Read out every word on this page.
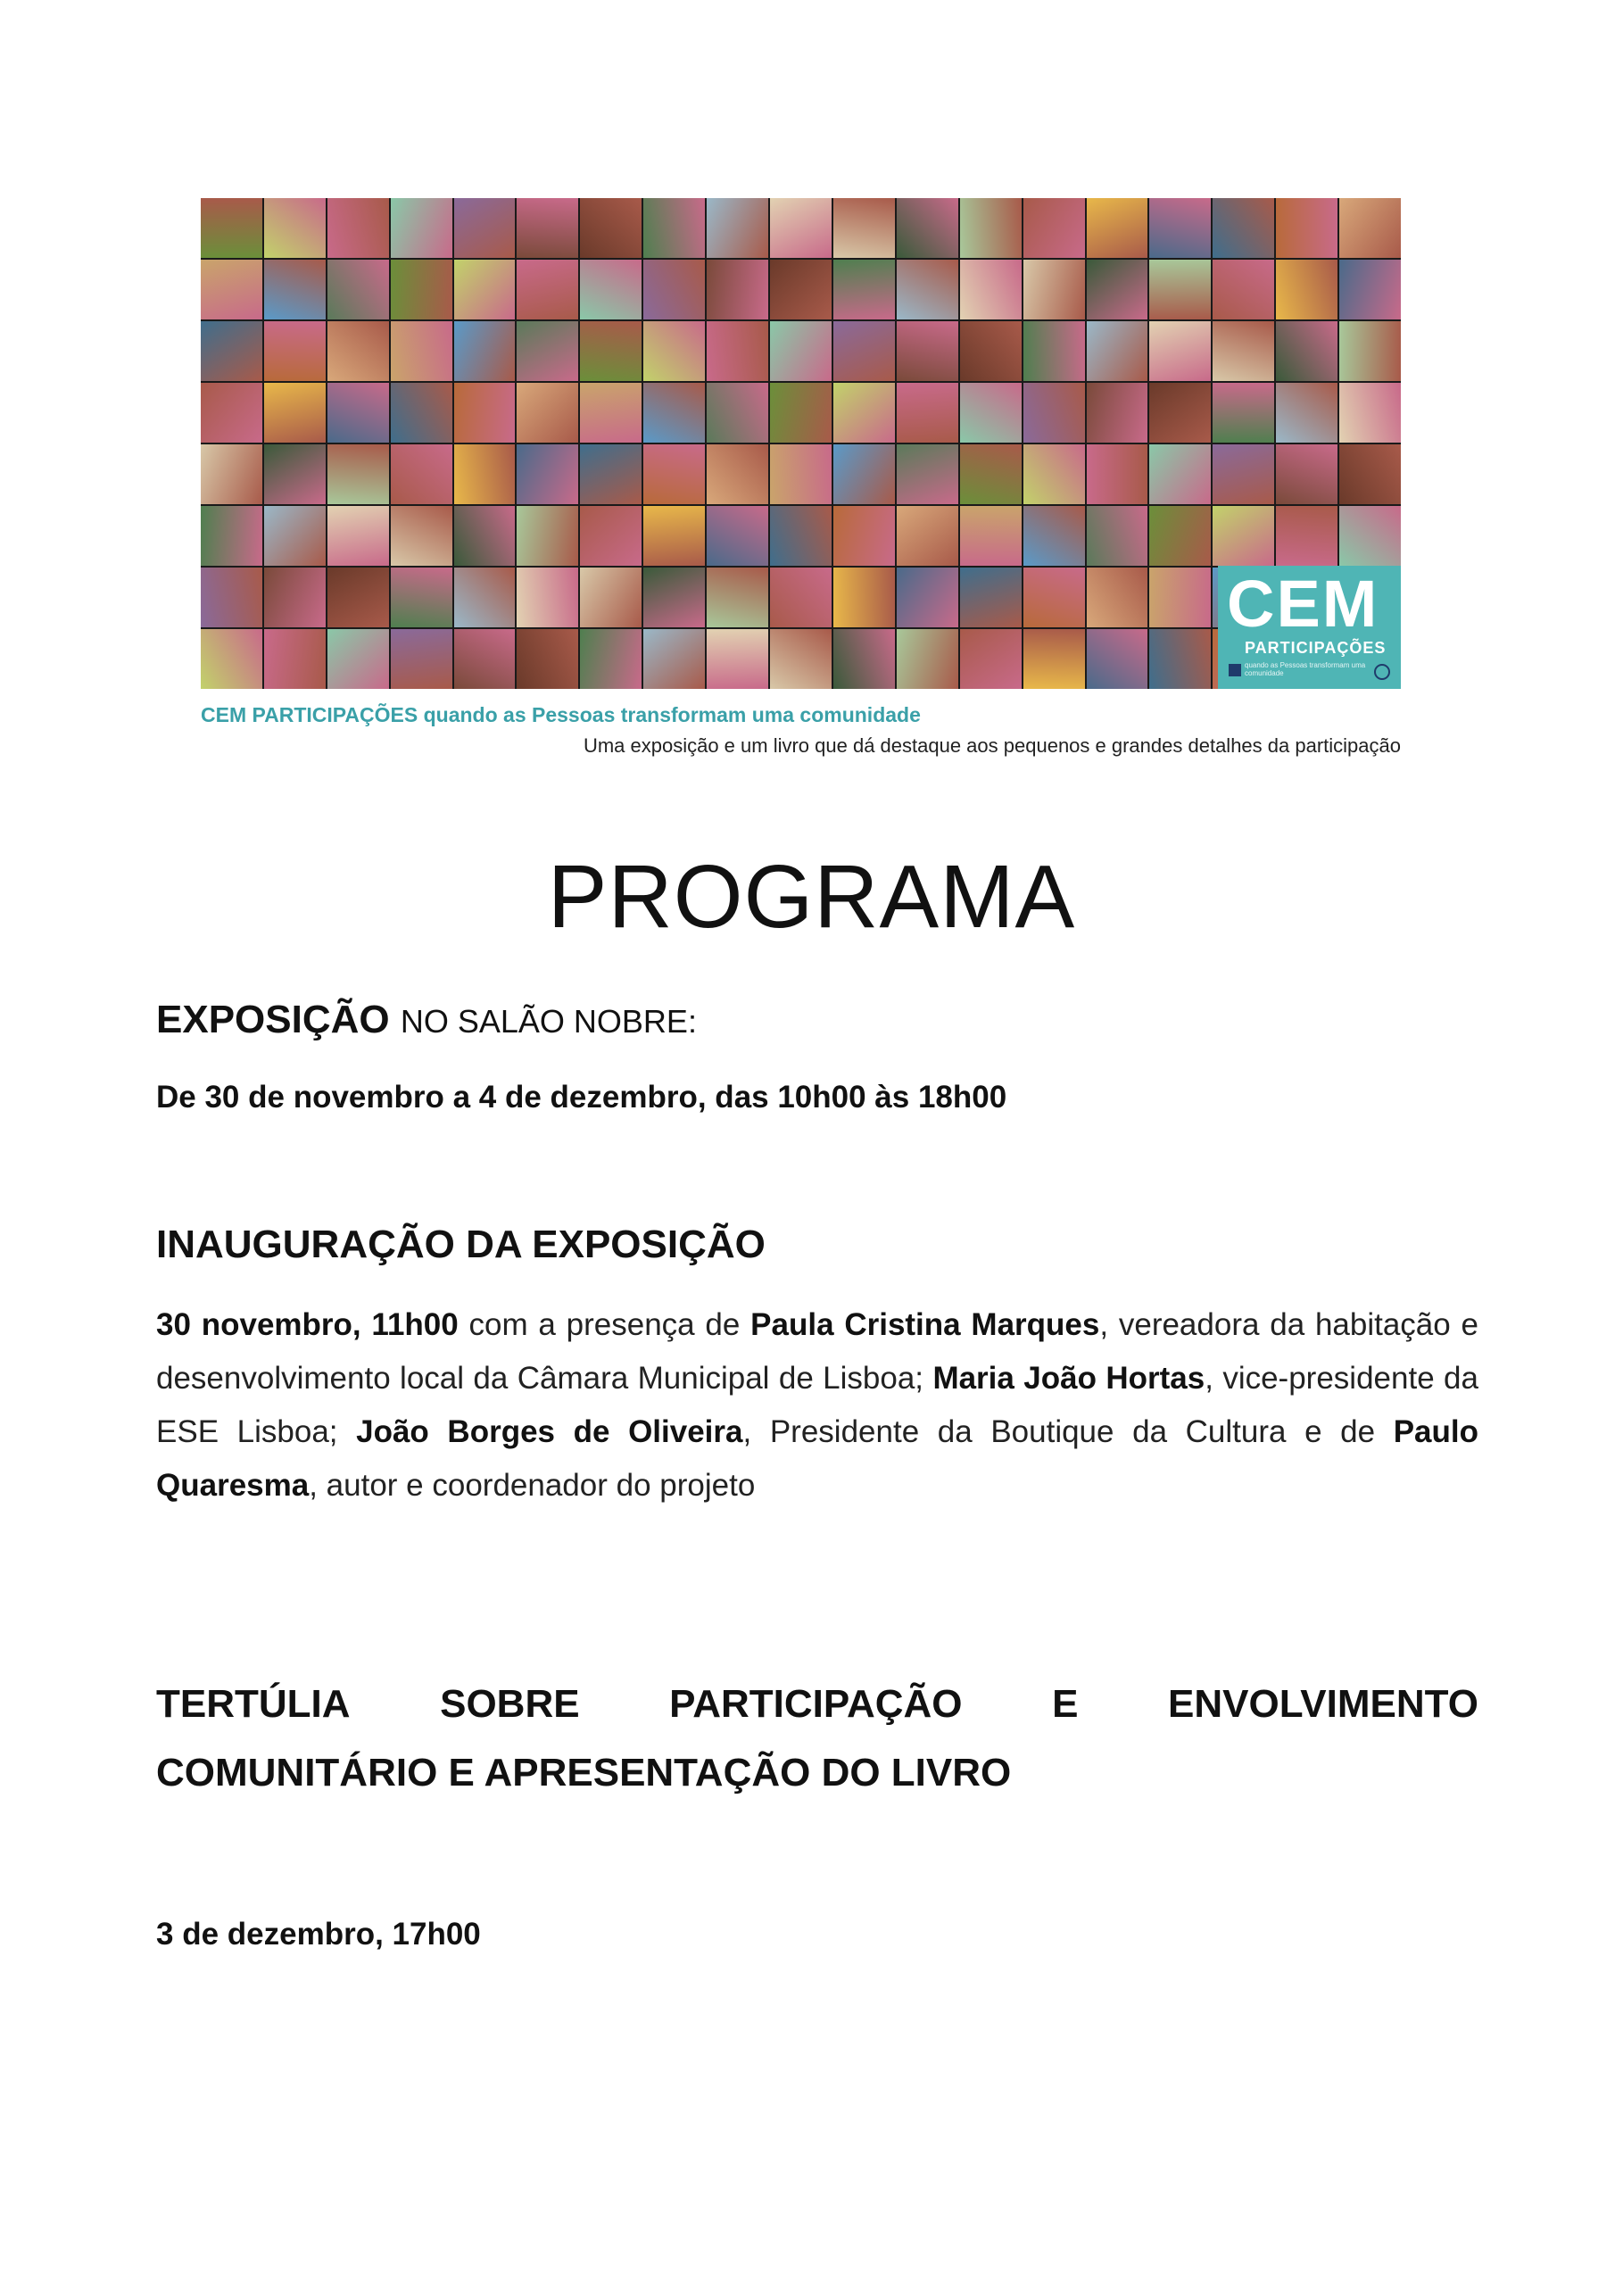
CEM
PARTICIPAÇÕES
quando as Pessoas transformam uma comunidade
CEM PARTICIPAÇÕES quando as Pessoas transformam uma comunidade
Uma exposição e um livro que dá destaque aos pequenos e grandes detalhes da participação
PROGRAMA
EXPOSIÇÃO NO SALÃO NOBRE:
De 30 de novembro a 4 de dezembro, das 10h00 às 18h00
INAUGURAÇÃO DA EXPOSIÇÃO
30 novembro, 11h00 com a presença de Paula Cristina Marques, vereadora da habitação e desenvolvimento local da Câmara Municipal de Lisboa; Maria João Hortas, vice-presidente da ESE Lisboa; João Borges de Oliveira, Presidente da Boutique da Cultura e de Paulo Quaresma, autor e coordenador do projeto
TERTÚLIA SOBRE PARTICIPAÇÃO E ENVOLVIMENTO
COMUNITÁRIO E APRESENTAÇÃO DO LIVRO
3 de dezembro, 17h00
